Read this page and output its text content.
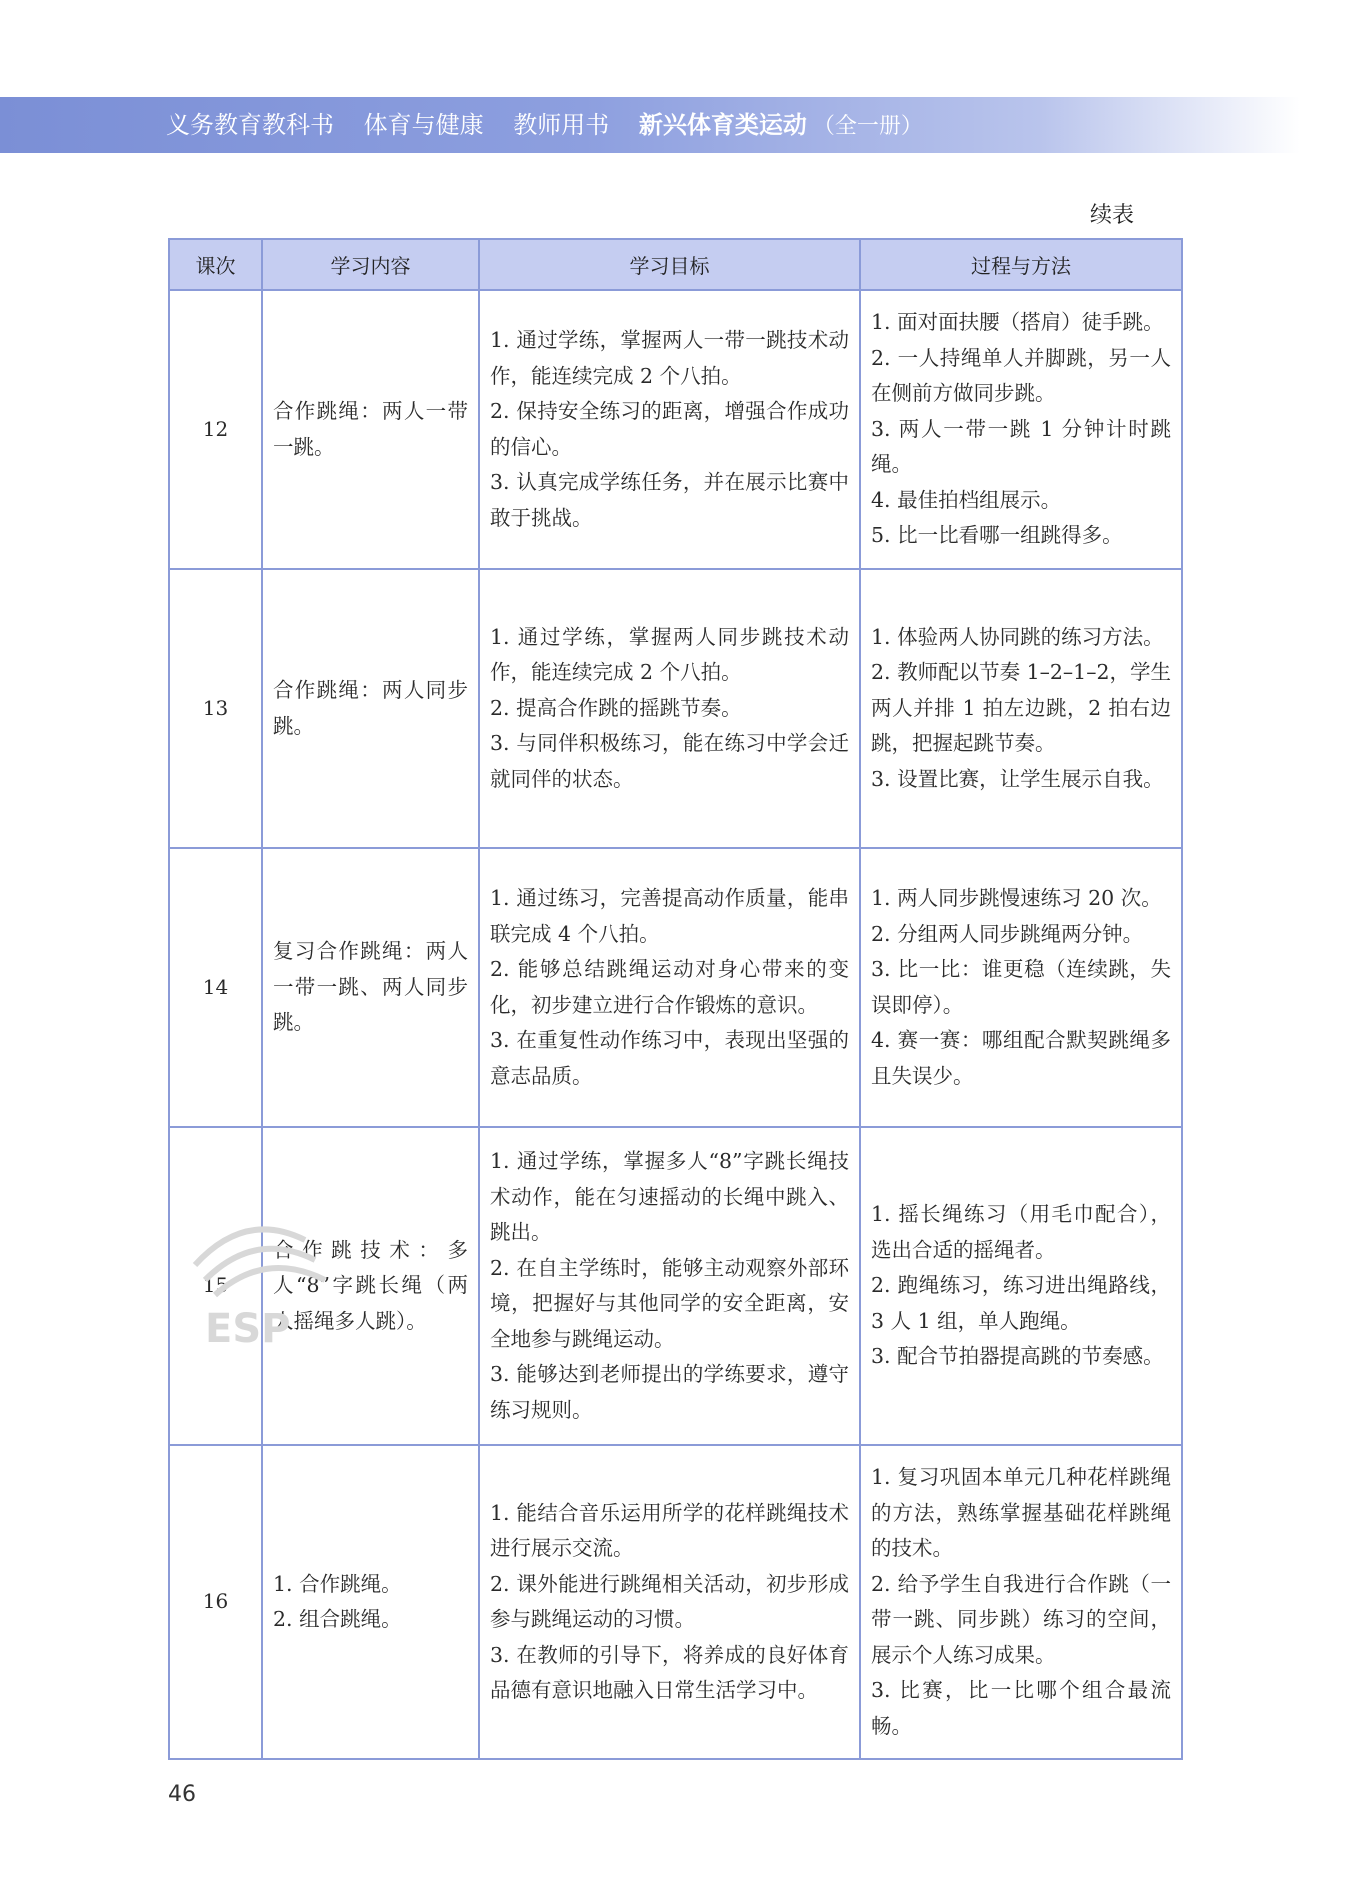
义务教育教科书 体育与健康 教师用书 新兴体育类运动 （全一册）
续表
课次	学习内容	学习目标	过程与方法
12	合作跳绳：两人一带一跳。	1. 通过学练，掌握两人一带一跳技术动作，能连续完成 2 个八拍。
2. 保持安全练习的距离，增强合作成功的信心。
3. 认真完成学练任务，并在展示比赛中敢于挑战。	1. 面对面扶腰（搭肩）徒手跳。
2. 一人持绳单人并脚跳，另一人在侧前方做同步跳。
3. 两人一带一跳 1 分钟计时跳绳。
4. 最佳拍档组展示。
5. 比一比看哪一组跳得多。

13	合作跳绳：两人同步跳。	1. 通过学练，掌握两人同步跳技术动作，能连续完成 2 个八拍。
2. 提高合作跳的摇跳节奏。
3. 与同伴积极练习，能在练习中学会迁就同伴的状态。	1. 体验两人协同跳的练习方法。
2. 教师配以节奏 1–2–1–2，学生两人并排 1 拍左边跳，2 拍右边跳，把握起跳节奏。
3. 设置比赛，让学生展示自我。

14	复习合作跳绳：两人一带一跳、两人同步跳。	1. 通过练习，完善提高动作质量，能串联完成 4 个八拍。
2. 能够总结跳绳运动对身心带来的变化，初步建立进行合作锻炼的意识。
3. 在重复性动作练习中，表现出坚强的意志品质。	1. 两人同步跳慢速练习 20 次。
2. 分组两人同步跳绳两分钟。
3. 比一比：谁更稳（连续跳，失误即停）。
4. 赛一赛：哪组配合默契跳绳多且失误少。

15	合作跳技术：多人“8”字跳长绳（两人摇绳多人跳）。	1. 通过学练，掌握多人“8”字跳长绳技术动作，能在匀速摇动的长绳中跳入、跳出。
2. 在自主学练时，能够主动观察外部环境，把握好与其他同学的安全距离，安全地参与跳绳运动。
3. 能够达到老师提出的学练要求，遵守练习规则。	1. 摇长绳练习（用毛巾配合），选出合适的摇绳者。
2. 跑绳练习，练习进出绳路线，3 人 1 组，单人跑绳。
3. 配合节拍器提高跳的节奏感。

16	1. 合作跳绳。
2. 组合跳绳。	1. 能结合音乐运用所学的花样跳绳技术进行展示交流。
2. 课外能进行跳绳相关活动，初步形成参与跳绳运动的习惯。
3. 在教师的引导下，将养成的良好体育品德有意识地融入日常生活学习中。	1. 复习巩固本单元几种花样跳绳的方法，熟练掌握基础花样跳绳的技术。
2. 给予学生自我进行合作跳（一带一跳、同步跳）练习的空间，展示个人练习成果。
3. 比赛，比一比哪个组合最流畅。
ESP
46
